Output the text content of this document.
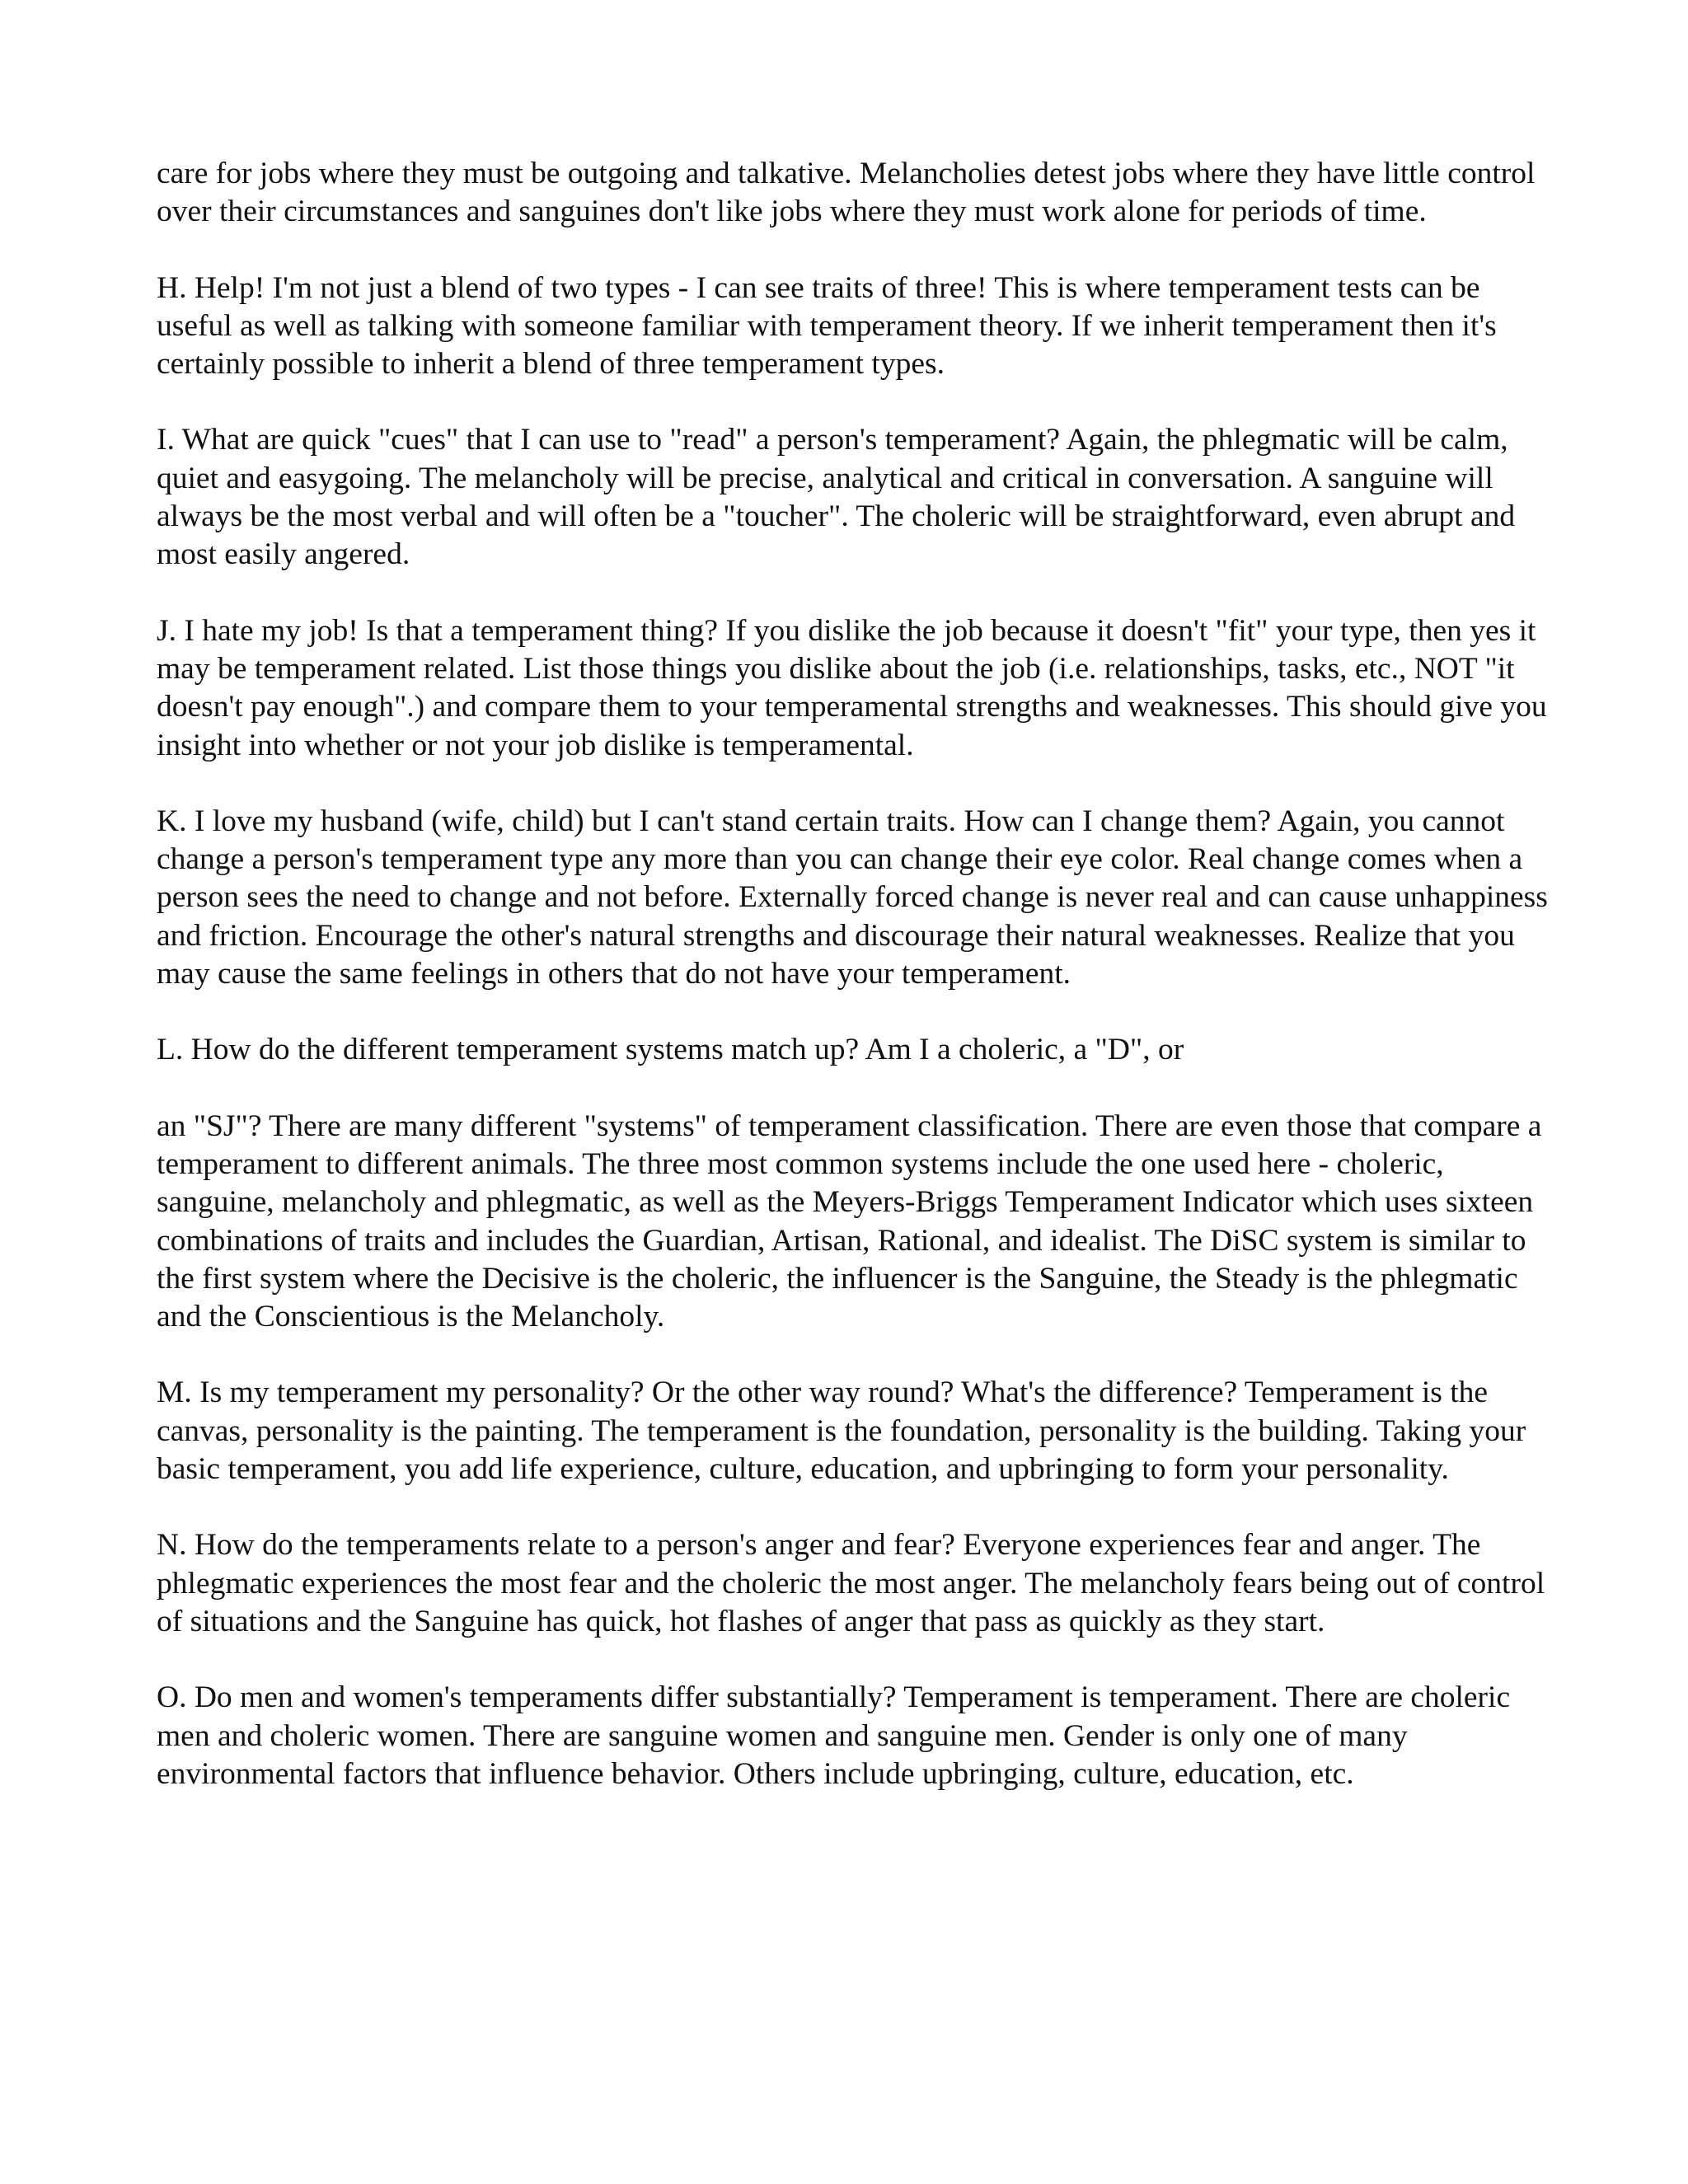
care for jobs where they must be outgoing and talkative. Melancholies detest jobs where they have little control over their circumstances and sanguines don't like jobs where they must work alone for periods of time.

H. Help! I'm not just a blend of two types - I can see traits of three! This is where temperament tests can be useful as well as talking with someone familiar with temperament theory. If we inherit temperament then it's certainly possible to inherit a blend of three temperament types.

I. What are quick "cues" that I can use to "read" a person's temperament? Again, the phlegmatic will be calm, quiet and easygoing. The melancholy will be precise, analytical and critical in conversation. A sanguine will always be the most verbal and will often be a "toucher". The choleric will be straightforward, even abrupt and most easily angered.

J. I hate my job! Is that a temperament thing? If you dislike the job because it doesn't "fit" your type, then yes it may be temperament related. List those things you dislike about the job (i.e. relationships, tasks, etc., NOT "it doesn't pay enough".) and compare them to your temperamental strengths and weaknesses. This should give you insight into whether or not your job dislike is temperamental.

K. I love my husband (wife, child) but I can't stand certain traits. How can I change them? Again, you cannot change a person's temperament type any more than you can change their eye color. Real change comes when a person sees the need to change and not before. Externally forced change is never real and can cause unhappiness and friction. Encourage the other's natural strengths and discourage their natural weaknesses. Realize that you may cause the same feelings in others that do not have your temperament.

L. How do the different temperament systems match up? Am I a choleric, a "D", or

an "SJ"? There are many different "systems" of temperament classification. There are even those that compare a temperament to different animals. The three most common systems include the one used here - choleric, sanguine, melancholy and phlegmatic, as well as the Meyers-Briggs Temperament Indicator which uses sixteen combinations of traits and includes the Guardian, Artisan, Rational, and idealist. The DiSC system is similar to the first system where the Decisive is the choleric, the influencer is the Sanguine, the Steady is the phlegmatic and the Conscientious is the Melancholy.

M. Is my temperament my personality? Or the other way round? What's the difference? Temperament is the canvas, personality is the painting. The temperament is the foundation, personality is the building. Taking your basic temperament, you add life experience, culture, education, and upbringing to form your personality.

N. How do the temperaments relate to a person's anger and fear? Everyone experiences fear and anger. The phlegmatic experiences the most fear and the choleric the most anger. The melancholy fears being out of control of situations and the Sanguine has quick, hot flashes of anger that pass as quickly as they start.

O. Do men and women's temperaments differ substantially? Temperament is temperament. There are choleric men and choleric women. There are sanguine women and sanguine men. Gender is only one of many environmental factors that influence behavior. Others include upbringing, culture, education, etc.
